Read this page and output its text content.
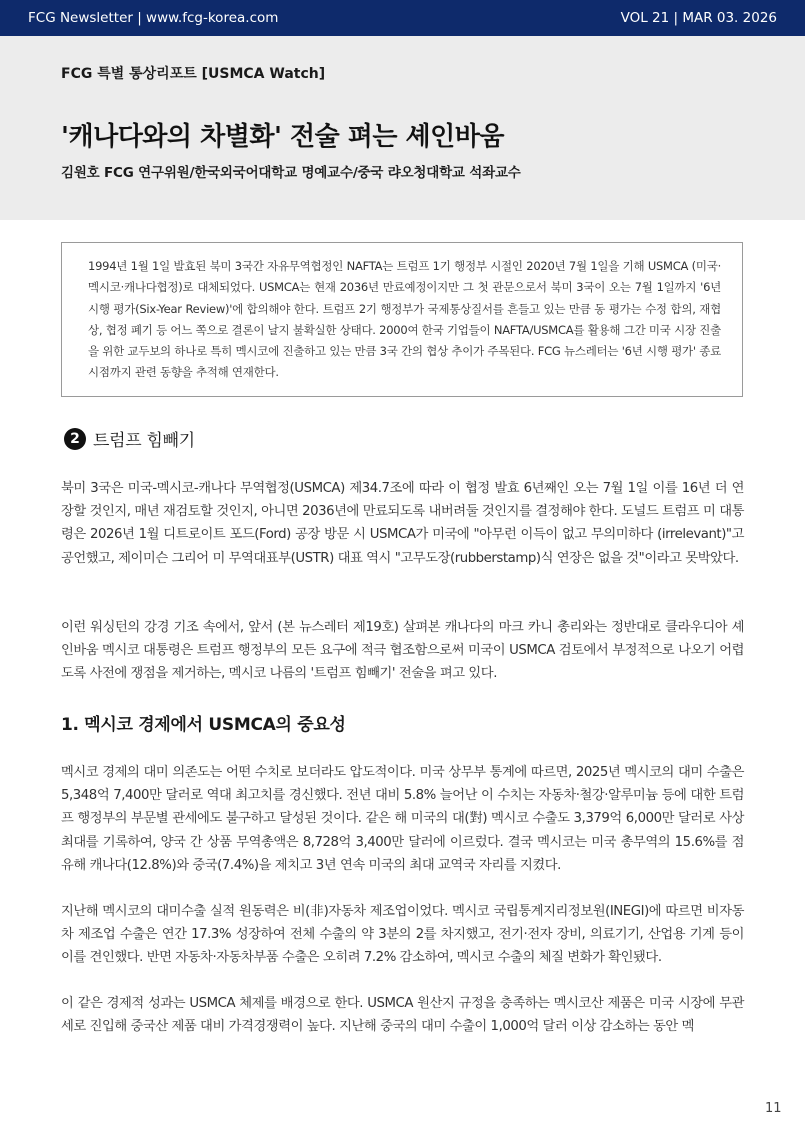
FCG Newsletter | www.fcg-korea.com	VOL 21 | MAR 03. 2026
FCG 특별 통상리포트 [USMCA Watch]
'캐나다와의 차별화' 전술 펴는 셰인바움
김원호 FCG 연구위원/한국외국어대학교 명예교수/중국 랴오청대학교 석좌교수
1994년 1월 1일 발효된 북미 3국간 자유무역협정인 NAFTA는 트럼프 1기 행정부 시절인 2020년 7월 1일을 기해 USMCA (미국·멕시코·캐나다협정)로 대체되었다. USMCA는 현재 2036년 만료예정이지만 그 첫 관문으로서 북미 3국이 오는 7월 1일까지 '6년시행 평가(Six-Year Review)'에 합의해야 한다. 트럼프 2기 행정부가 국제통상질서를 흔들고 있는 만큼 동 평가는 수정 합의, 재협상, 협정 폐기 등 어느 쪽으로 결론이 날지 불확실한 상태다. 2000여 한국 기업들이 NAFTA/USMCA를 활용해 그간 미국 시장 진출을 위한 교두보의 하나로 특히 멕시코에 진출하고 있는 만큼 3국 간의 협상 추이가 주목된다. FCG 뉴스레터는 '6년 시행 평가' 종료 시점까지 관련 동향을 추적해 연재한다.
2 트럼프 힘빼기

북미 3국은 미국-멕시코-캐나다 무역협정(USMCA) 제34.7조에 따라 이 협정 발효 6년째인 오는 7월 1일 이를 16년 더 연장할 것인지, 매년 재검토할 것인지, 아니면 2036년에 만료되도록 내버려둘 것인지를 결정해야 한다. 도널드 트럼프 미 대통령은 2026년 1월 디트로이트 포드(Ford) 공장 방문 시 USMCA가 미국에 "아무런 이득이 없고 무의미하다 (irrelevant)"고 공언했고, 제이미슨 그리어 미 무역대표부(USTR) 대표 역시 "고무도장(rubberstamp)식 연장은 없을 것"이라고 못박았다.

이런 워싱턴의 강경 기조 속에서, 앞서 (본 뉴스레터 제19호) 살펴본 캐나다의 마크 카니 총리와는 정반대로 클라우디아 셰인바움 멕시코 대통령은 트럼프 행정부의 모든 요구에 적극 협조함으로써 미국이 USMCA 검토에서 부정적으로 나오기 어렵도록 사전에 쟁점을 제거하는, 멕시코 나름의 '트럼프 힘빼기' 전술을 펴고 있다.

1. 멕시코 경제에서 USMCA의 중요성

멕시코 경제의 대미 의존도는 어떤 수치로 보더라도 압도적이다. 미국 상무부 통계에 따르면, 2025년 멕시코의 대미 수출은 5,348억 7,400만 달러로 역대 최고치를 경신했다. 전년 대비 5.8% 늘어난 이 수치는 자동차·철강·알루미늄 등에 대한 트럼프 행정부의 부문별 관세에도 불구하고 달성된 것이다. 같은 해 미국의 대(對) 멕시코 수출도 3,379억 6,000만 달러로 사상 최대를 기록하여, 양국 간 상품 무역총액은 8,728억 3,400만 달러에 이르렀다. 결국 멕시코는 미국 총무역의 15.6%를 점유해 캐나다(12.8%)와 중국(7.4%)을 제치고 3년 연속 미국의 최대 교역국 자리를 지켰다.

지난해 멕시코의 대미수출 실적 원동력은 비(非)자동차 제조업이었다. 멕시코 국립통계지리정보원(INEGI)에 따르면 비자동차 제조업 수출은 연간 17.3% 성장하여 전체 수출의 약 3분의 2를 차지했고, 전기·전자 장비, 의료기기, 산업용 기계 등이 이를 견인했다. 반면 자동차·자동차부품 수출은 오히려 7.2% 감소하여, 멕시코 수출의 체질 변화가 확인됐다.

이 같은 경제적 성과는 USMCA 체제를 배경으로 한다. USMCA 원산지 규정을 충족하는 멕시코산 제품은 미국 시장에 무관세로 진입해 중국산 제품 대비 가격경쟁력이 높다. 지난해 중국의 대미 수출이 1,000억 달러 이상 감소하는 동안 멕

11
